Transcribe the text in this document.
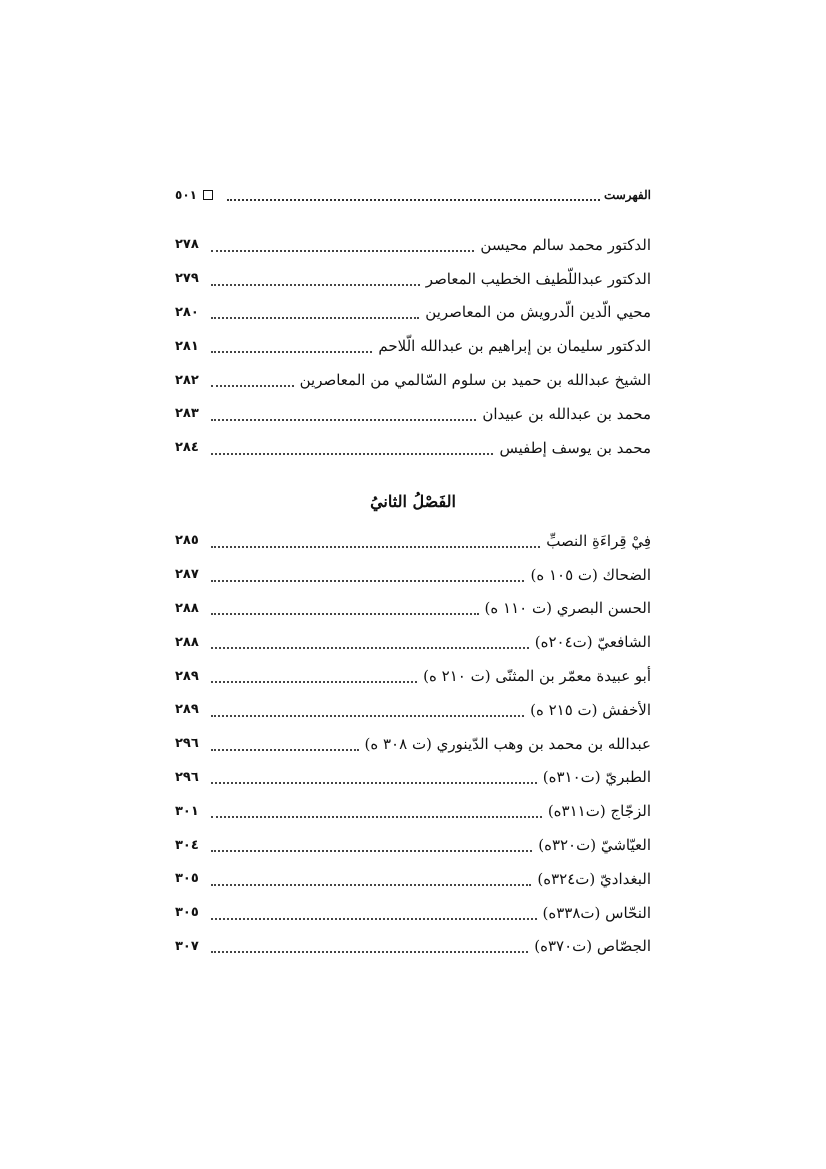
الفهرست
٥٠١
الدكتور محمد سالم محيسن
٢٧٨
الدكتور عبداللّطيف الخطيب المعاصر
٢٧٩
محيي الّدين الّدرويش من المعاصرين
٢٨٠
الدكتور سليمان بن إبراهيم بن عبدالله الّلاحم
٢٨١
الشيخ عبدالله بن حميد بن سلوم السّالمي من المعاصرين
٢٨٢
محمد بن عبدالله بن عبيدان
٢٨٣
محمد بن يوسف إطفيس
٢٨٤
الفَصْلُ الثانيُ
فِيْ قِراءَةِ النصبِّ
٢٨٥
الضحاك (ت ١٠٥ ه)
٢٨٧
الحسن البصري (ت ١١٠ ه)
٢٨٨
الشافعيّ (ت٢٠٤ه)
٢٨٨
أبو عبيدة معمّر بن المثنّى (ت ٢١٠ ه)
٢٨٩
الأخفش (ت ٢١٥ ه)
٢٨٩
عبدالله بن محمد بن وهب الدّينوري (ت ٣٠٨ ه)
٢٩٦
الطبريّ (ت٣١٠ه)
٢٩٦
الزجّاج (ت٣١١ه)
٣٠١
العيّاشيّ (ت٣٢٠ه)
٣٠٤
البغداديّ (ت٣٢٤ه)
٣٠٥
النحّاس (ت٣٣٨ه)
٣٠٥
الجصّاص (ت٣٧٠ه)
٣٠٧
